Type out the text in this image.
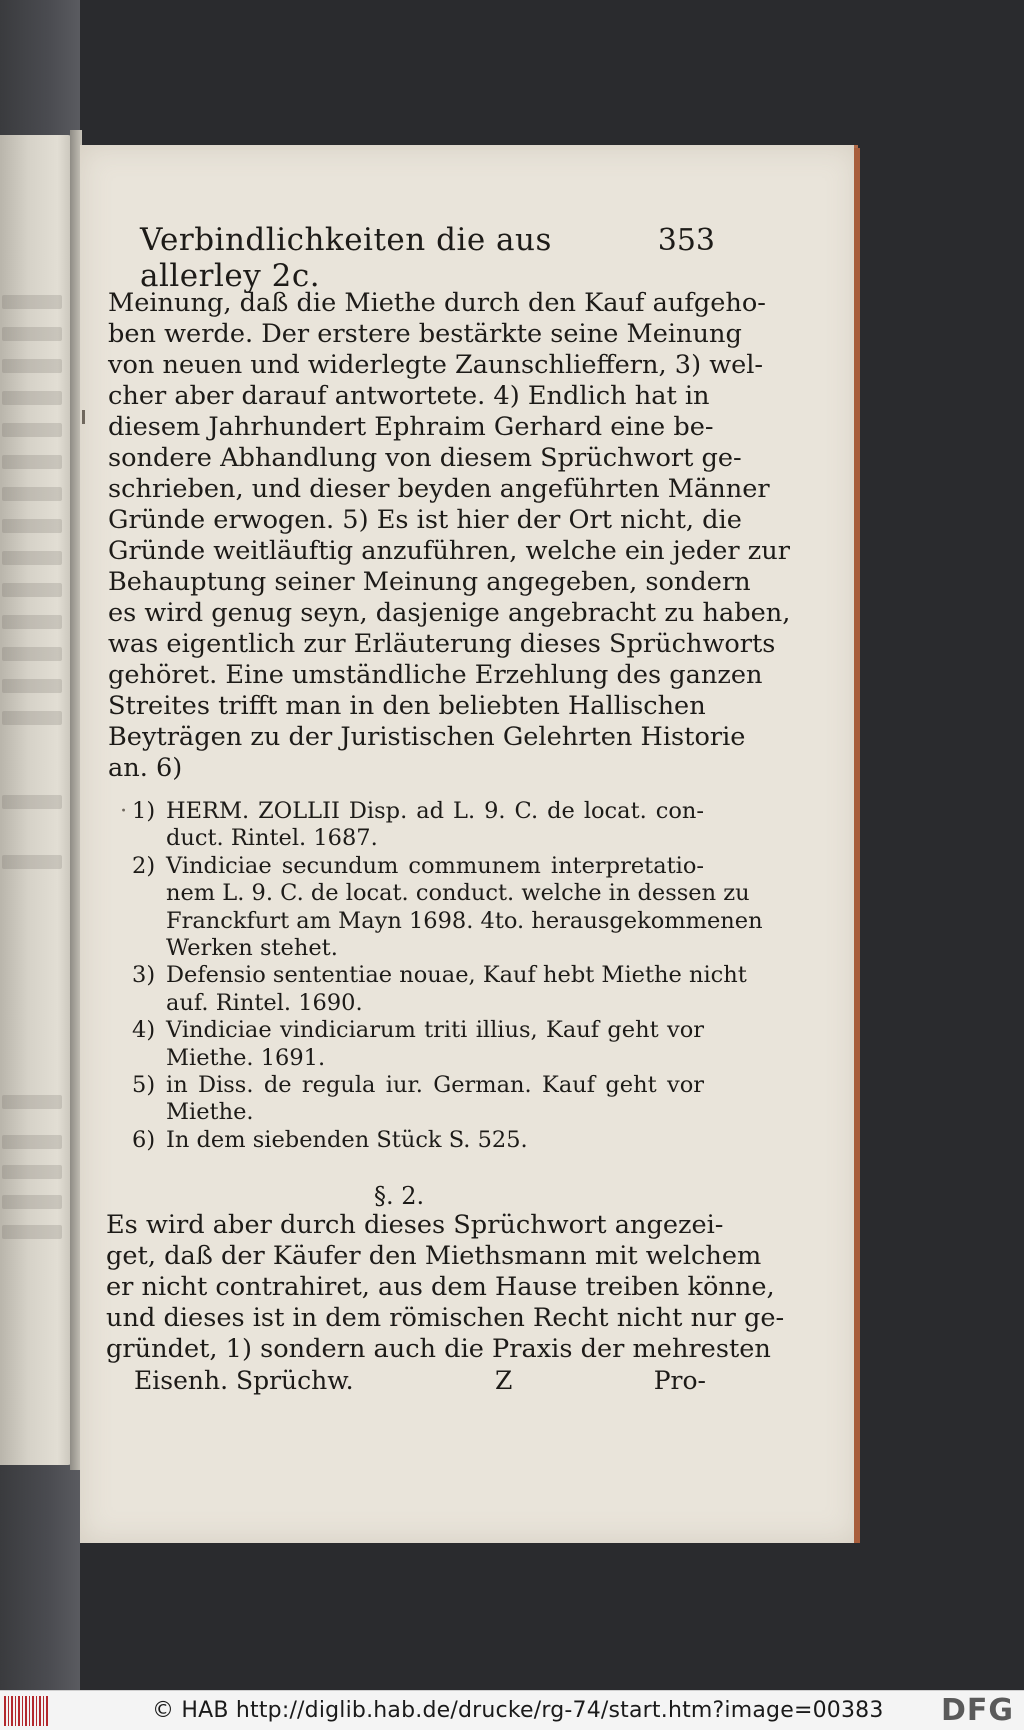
Verbindlichkeiten die aus allerley 2c.
353

Meinung, daß die Miethe durch den Kauf aufgeho-

ben werde. Der erstere bestärkte seine Meinung

von neuen und widerlegte Zaunschlieffern, 3) wel-

cher aber darauf antwortete. 4) Endlich hat in

diesem Jahrhundert Ephraim Gerhard eine be-

sondere Abhandlung von diesem Sprüchwort ge-

schrieben, und dieser beyden angeführten Männer

Gründe erwogen. 5) Es ist hier der Ort nicht, die

Gründe weitläuftig anzuführen, welche ein jeder zur

Behauptung seiner Meinung angegeben, sondern

es wird genug seyn, dasjenige angebracht zu haben,

was eigentlich zur Erläuterung dieses Sprüchworts

gehöret. Eine umständliche Erzehlung des ganzen

Streites trifft man in den beliebten Hallischen

Beyträgen zu der Juristischen Gelehrten Historie

an. 6)

· 1) HERM. ZOLLII Disp. ad L. 9. C. de locat. con-
duct. Rintel. 1687.
2) Vindiciae secundum communem interpretatio-
nem L. 9. C. de locat. conduct. welche in dessen zu
Franckfurt am Mayn 1698. 4to. herausgekommenen
Werken stehet.
3) Defensio sententiae nouae, Kauf hebt Miethe nicht
auf. Rintel. 1690.
4) Vindiciae vindiciarum triti illius, Kauf geht vor
Miethe. 1691.
5) in Diss. de regula iur. German. Kauf geht vor
Miethe.
6) In dem siebenden Stück S. 525.
§. 2.

Es wird aber durch dieses Sprüchwort angezei-

get, daß der Käufer den Miethsmann mit welchem

er nicht contrahiret, aus dem Hause treiben könne,

und dieses ist in dem römischen Recht nicht nur ge-

gründet, 1) sondern auch die Praxis der mehresten

Eisenh. Sprüchw.	Z	Pro-
© HAB http://diglib.hab.de/drucke/rg-74/start.htm?image=00383 DFG
